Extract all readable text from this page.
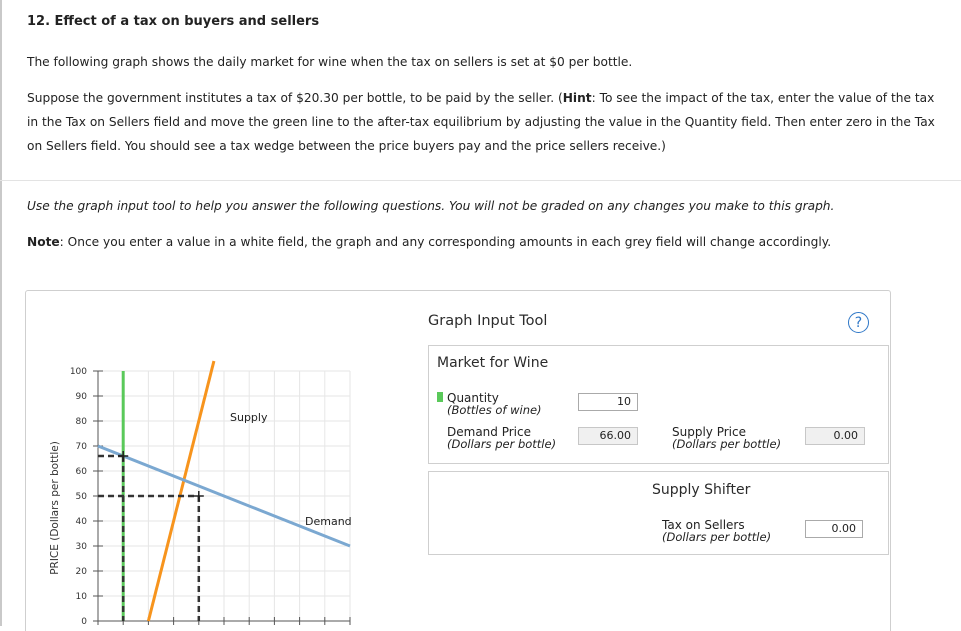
12. Effect of a tax on buyers and sellers
The following graph shows the daily market for wine when the tax on sellers is set at $0 per bottle.
Suppose the government institutes a tax of $20.30 per bottle, to be paid by the seller. (Hint: To see the impact of the tax, enter the value of the tax in the Tax on Sellers field and move the green line to the after-tax equilibrium by adjusting the value in the Quantity field. Then enter zero in the Tax on Sellers field. You should see a tax wedge between the price buyers pay and the price sellers receive.)
Use the graph input tool to help you answer the following questions. You will not be graded on any changes you make to this graph.
Note: Once you enter a value in a white field, the graph and any corresponding amounts in each grey field will change accordingly.
0
10
20
30
40
50
60
70
80
90
100
PRICE (Dollars per bottle)
Supply
Demand
Graph Input Tool	?
Market for Wine
Quantity
(Bottles of wine)
10
Demand Price
(Dollars per bottle)
66.00	Supply Price
(Dollars per bottle)
0.00
Supply Shifter
Tax on Sellers
(Dollars per bottle)
0.00
